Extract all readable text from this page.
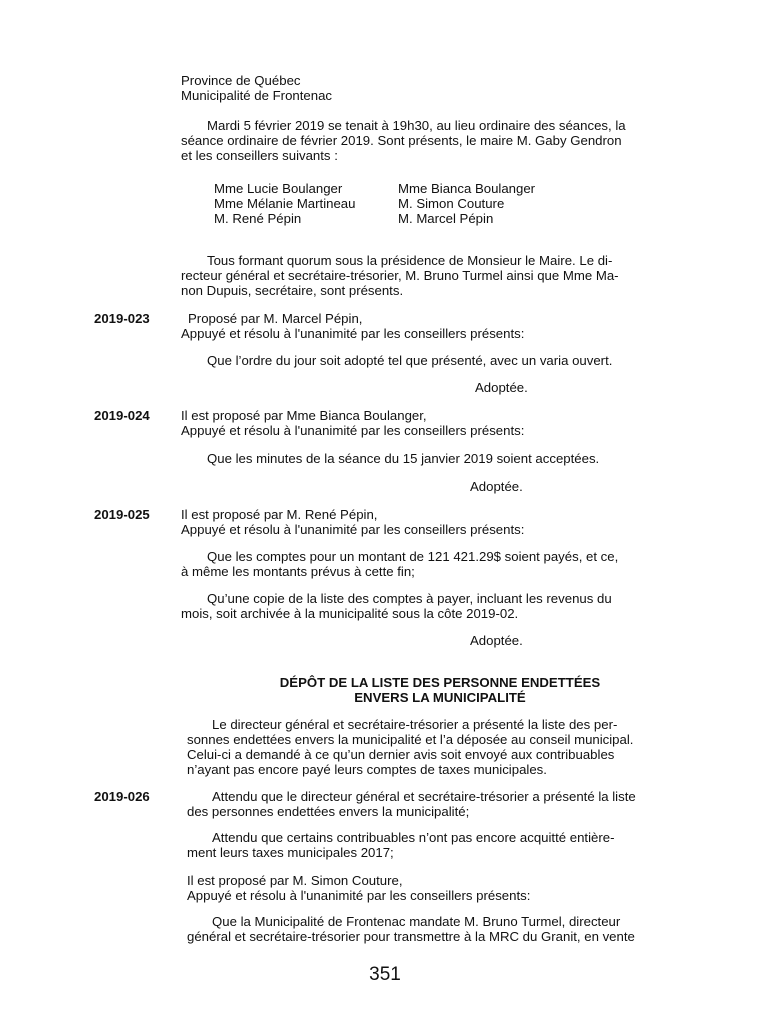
Province de Québec
Municipalité de Frontenac
Mardi 5 février 2019 se tenait à 19h30, au lieu ordinaire des séances, la
séance ordinaire de février 2019. Sont présents, le maire M. Gaby Gendron
et les conseillers suivants :
Mme Lucie Boulanger
Mme Mélanie Martineau
M. René Pépin
Mme Bianca Boulanger
M. Simon Couture
M. Marcel Pépin
Tous formant quorum sous la présidence de Monsieur le Maire. Le di-
recteur général et secrétaire-trésorier, M. Bruno Turmel ainsi que Mme Ma-
non Dupuis, secrétaire, sont présents.
2019-023	Proposé par M. Marcel Pépin,
Appuyé et résolu à l'unanimité par les conseillers présents:
Que l’ordre du jour soit adopté tel que présenté, avec un varia ouvert.
Adoptée.
2019-024 Il est proposé par Mme Bianca Boulanger,
Appuyé et résolu à l'unanimité par les conseillers présents:
Que les minutes de la séance du 15 janvier 2019 soient acceptées.
Adoptée.
2019-025 Il est proposé par M. René Pépin,
Appuyé et résolu à l'unanimité par les conseillers présents:
Que les comptes pour un montant de 121 421.29$ soient payés, et ce,
à même les montants prévus à cette fin;
Qu’une copie de la liste des comptes à payer, incluant les revenus du
mois, soit archivée à la municipalité sous la côte 2019-02.
Adoptée.
DÉPÔT DE LA LISTE DES PERSONNE ENDETTÉES
ENVERS LA MUNICIPALITÉ
Le directeur général et secrétaire-trésorier a présenté la liste des per-
sonnes endettées envers la municipalité et l’a déposée au conseil municipal.
Celui-ci a demandé à ce qu’un dernier avis soit envoyé aux contribuables
n’ayant pas encore payé leurs comptes de taxes municipales.
2019-026	Attendu que le directeur général et secrétaire-trésorier a présenté la liste
des personnes endettées envers la municipalité;
Attendu que certains contribuables n’ont pas encore acquitté entière-
ment leurs taxes municipales 2017;
Il est proposé par M. Simon Couture,
Appuyé et résolu à l'unanimité par les conseillers présents:
Que la Municipalité de Frontenac mandate M. Bruno Turmel, directeur
général et secrétaire-trésorier pour transmettre à la MRC du Granit, en vente
351
